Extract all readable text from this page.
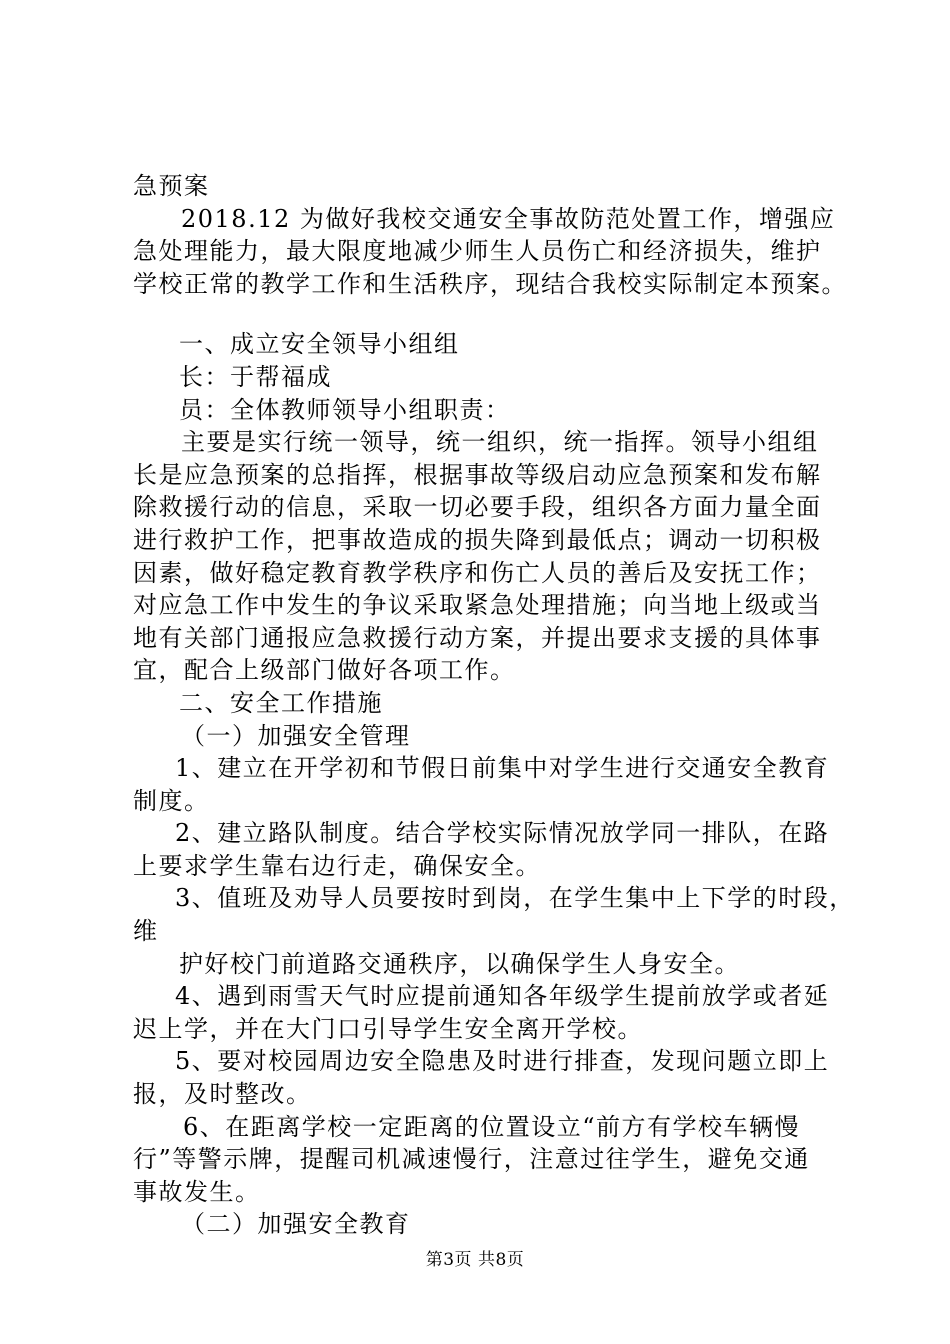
急预案
2018.12 为做好我校交通安全事故防范处置工作，增强应
急处理能力，最大限度地减少师生人员伤亡和经济损失，维护
学校正常的教学工作和生活秩序，现结合我校实际制定本预案。
一、成立安全领导小组组
长：于帮福成
员：全体教师领导小组职责：
主要是实行统一领导，统一组织，统一指挥。领导小组组
长是应急预案的总指挥，根据事故等级启动应急预案和发布解
除救援行动的信息，采取一切必要手段，组织各方面力量全面
进行救护工作，把事故造成的损失降到最低点；调动一切积极
因素，做好稳定教育教学秩序和伤亡人员的善后及安抚工作；
对应急工作中发生的争议采取紧急处理措施；向当地上级或当
地有关部门通报应急救援行动方案，并提出要求支援的具体事
宜，配合上级部门做好各项工作。
二、安全工作措施
（一）加强安全管理
1、建立在开学初和节假日前集中对学生进行交通安全教育
制度。
2、建立路队制度。结合学校实际情况放学同一排队，在路
上要求学生靠右边行走，确保安全。
3、值班及劝导人员要按时到岗，在学生集中上下学的时段，
维
护好校门前道路交通秩序，以确保学生人身安全。
4、遇到雨雪天气时应提前通知各年级学生提前放学或者延
迟上学，并在大门口引导学生安全离开学校。
5、要对校园周边安全隐患及时进行排查，发现问题立即上
报，及时整改。
6、在距离学校一定距离的位置设立“前方有学校车辆慢
行”等警示牌，提醒司机减速慢行，注意过往学生，避免交通
事故发生。
（二）加强安全教育
第3页 共8页
